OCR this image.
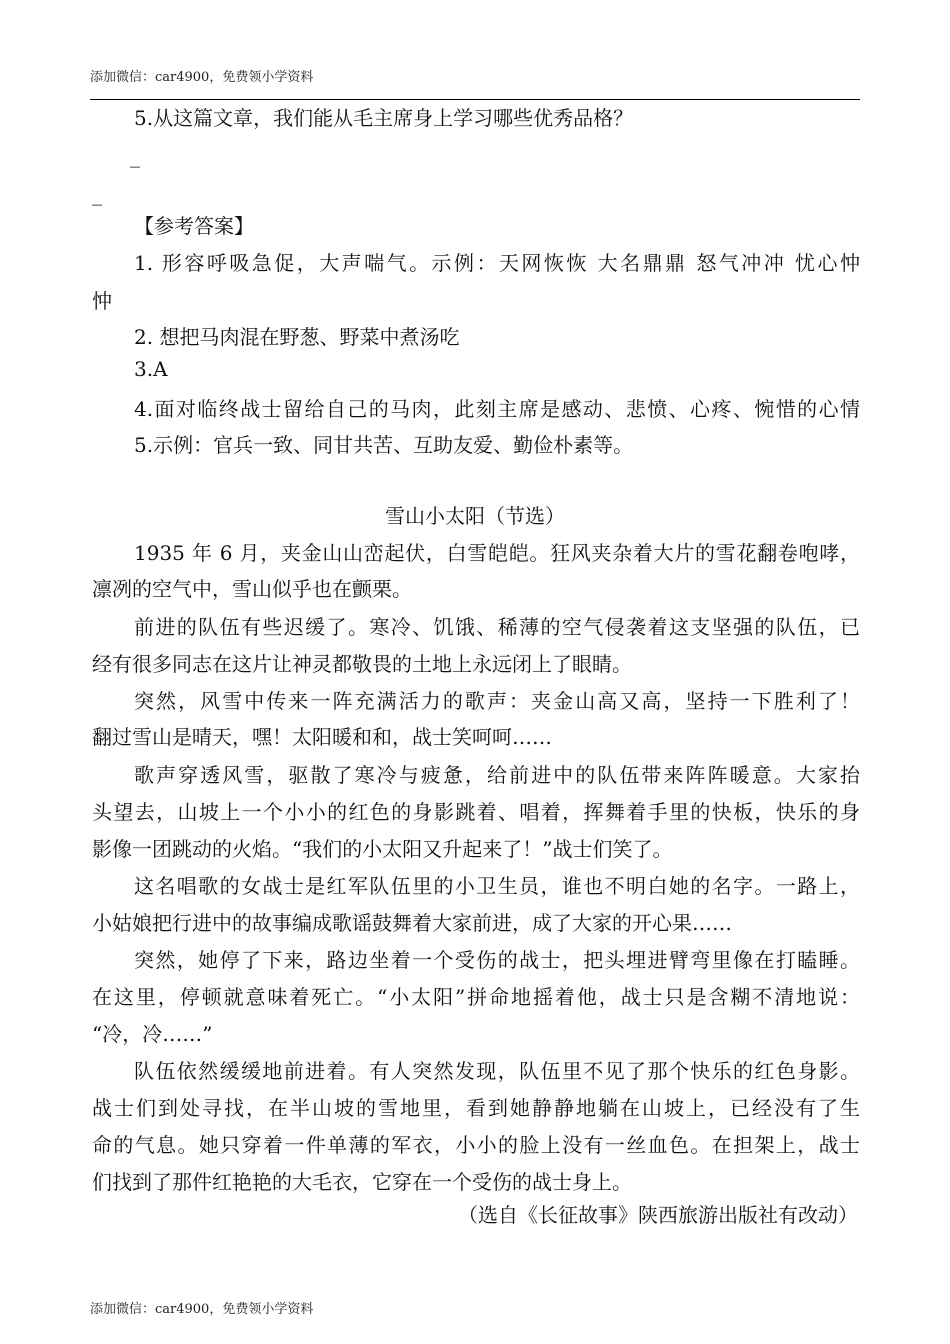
添加微信：car4900，免费领小学资料
5.从这篇文章，我们能从毛主席身上学习哪些优秀品格？
_
_
【参考答案】
1. 形容呼吸急促，大声喘气。示例：天网恢恢 大名鼎鼎 怒气冲冲 忧心忡
忡
2. 想把马肉混在野葱、野菜中煮汤吃
3.A
4.面对临终战士留给自己的马肉，此刻主席是感动、悲愤、心疼、惋惜的心情
5.示例：官兵一致、同甘共苦、互助友爱、勤俭朴素等。
雪山小太阳（节选）
1935 年 6 月，夹金山山峦起伏，白雪皑皑。狂风夹杂着大片的雪花翻卷咆哮，
凛冽的空气中，雪山似乎也在颤栗。
前进的队伍有些迟缓了。寒冷、饥饿、稀薄的空气侵袭着这支坚强的队伍，已
经有很多同志在这片让神灵都敬畏的土地上永远闭上了眼睛。
突然，风雪中传来一阵充满活力的歌声：夹金山高又高，坚持一下胜利了！
翻过雪山是晴天，嘿！太阳暖和和，战士笑呵呵……
歌声穿透风雪，驱散了寒冷与疲惫，给前进中的队伍带来阵阵暖意。大家抬
头望去，山坡上一个小小的红色的身影跳着、唱着，挥舞着手里的快板，快乐的身
影像一团跳动的火焰。“我们的小太阳又升起来了！”战士们笑了。
这名唱歌的女战士是红军队伍里的小卫生员，谁也不明白她的名字。一路上，
小姑娘把行进中的故事编成歌谣鼓舞着大家前进，成了大家的开心果……
突然，她停了下来，路边坐着一个受伤的战士，把头埋进臂弯里像在打瞌睡。
在这里，停顿就意味着死亡。“小太阳”拼命地摇着他，战士只是含糊不清地说：
“冷，冷……”
队伍依然缓缓地前进着。有人突然发现，队伍里不见了那个快乐的红色身影。
战士们到处寻找，在半山坡的雪地里，看到她静静地躺在山坡上，已经没有了生
命的气息。她只穿着一件单薄的军衣，小小的脸上没有一丝血色。在担架上，战士
们找到了那件红艳艳的大毛衣，它穿在一个受伤的战士身上。
（选自《长征故事》陕西旅游出版社有改动）
添加微信：car4900，免费领小学资料
